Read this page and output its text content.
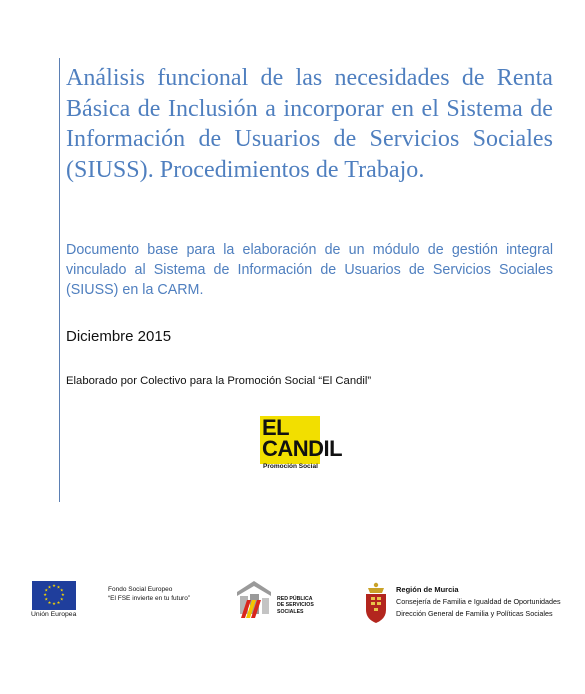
Análisis funcional de las necesidades de Renta Básica de Inclusión a incorporar en el Sistema de Información de Usuarios de Servicios Sociales (SIUSS). Procedimientos de Trabajo.

Documento base para la elaboración de un módulo de gestión integral vinculado al Sistema de Información de Usuarios de Servicios Sociales (SIUSS) en la CARM.

Diciembre 2015

Elaborado por Colectivo para la Promoción Social “El Candil”

EL
CANDIL
Promoción Social
★ ★
★
★
★
★
★
★
★
★
★
★
Unión Europea
Fondo Social Europeo
“El FSE invierte en tu futuro”	RED PÚBLICA
DE SERVICIOS
SOCIALES
Región de Murcia
Consejería de Familia e Igualdad de Oportunidades
Dirección General de Familia y Políticas Sociales
